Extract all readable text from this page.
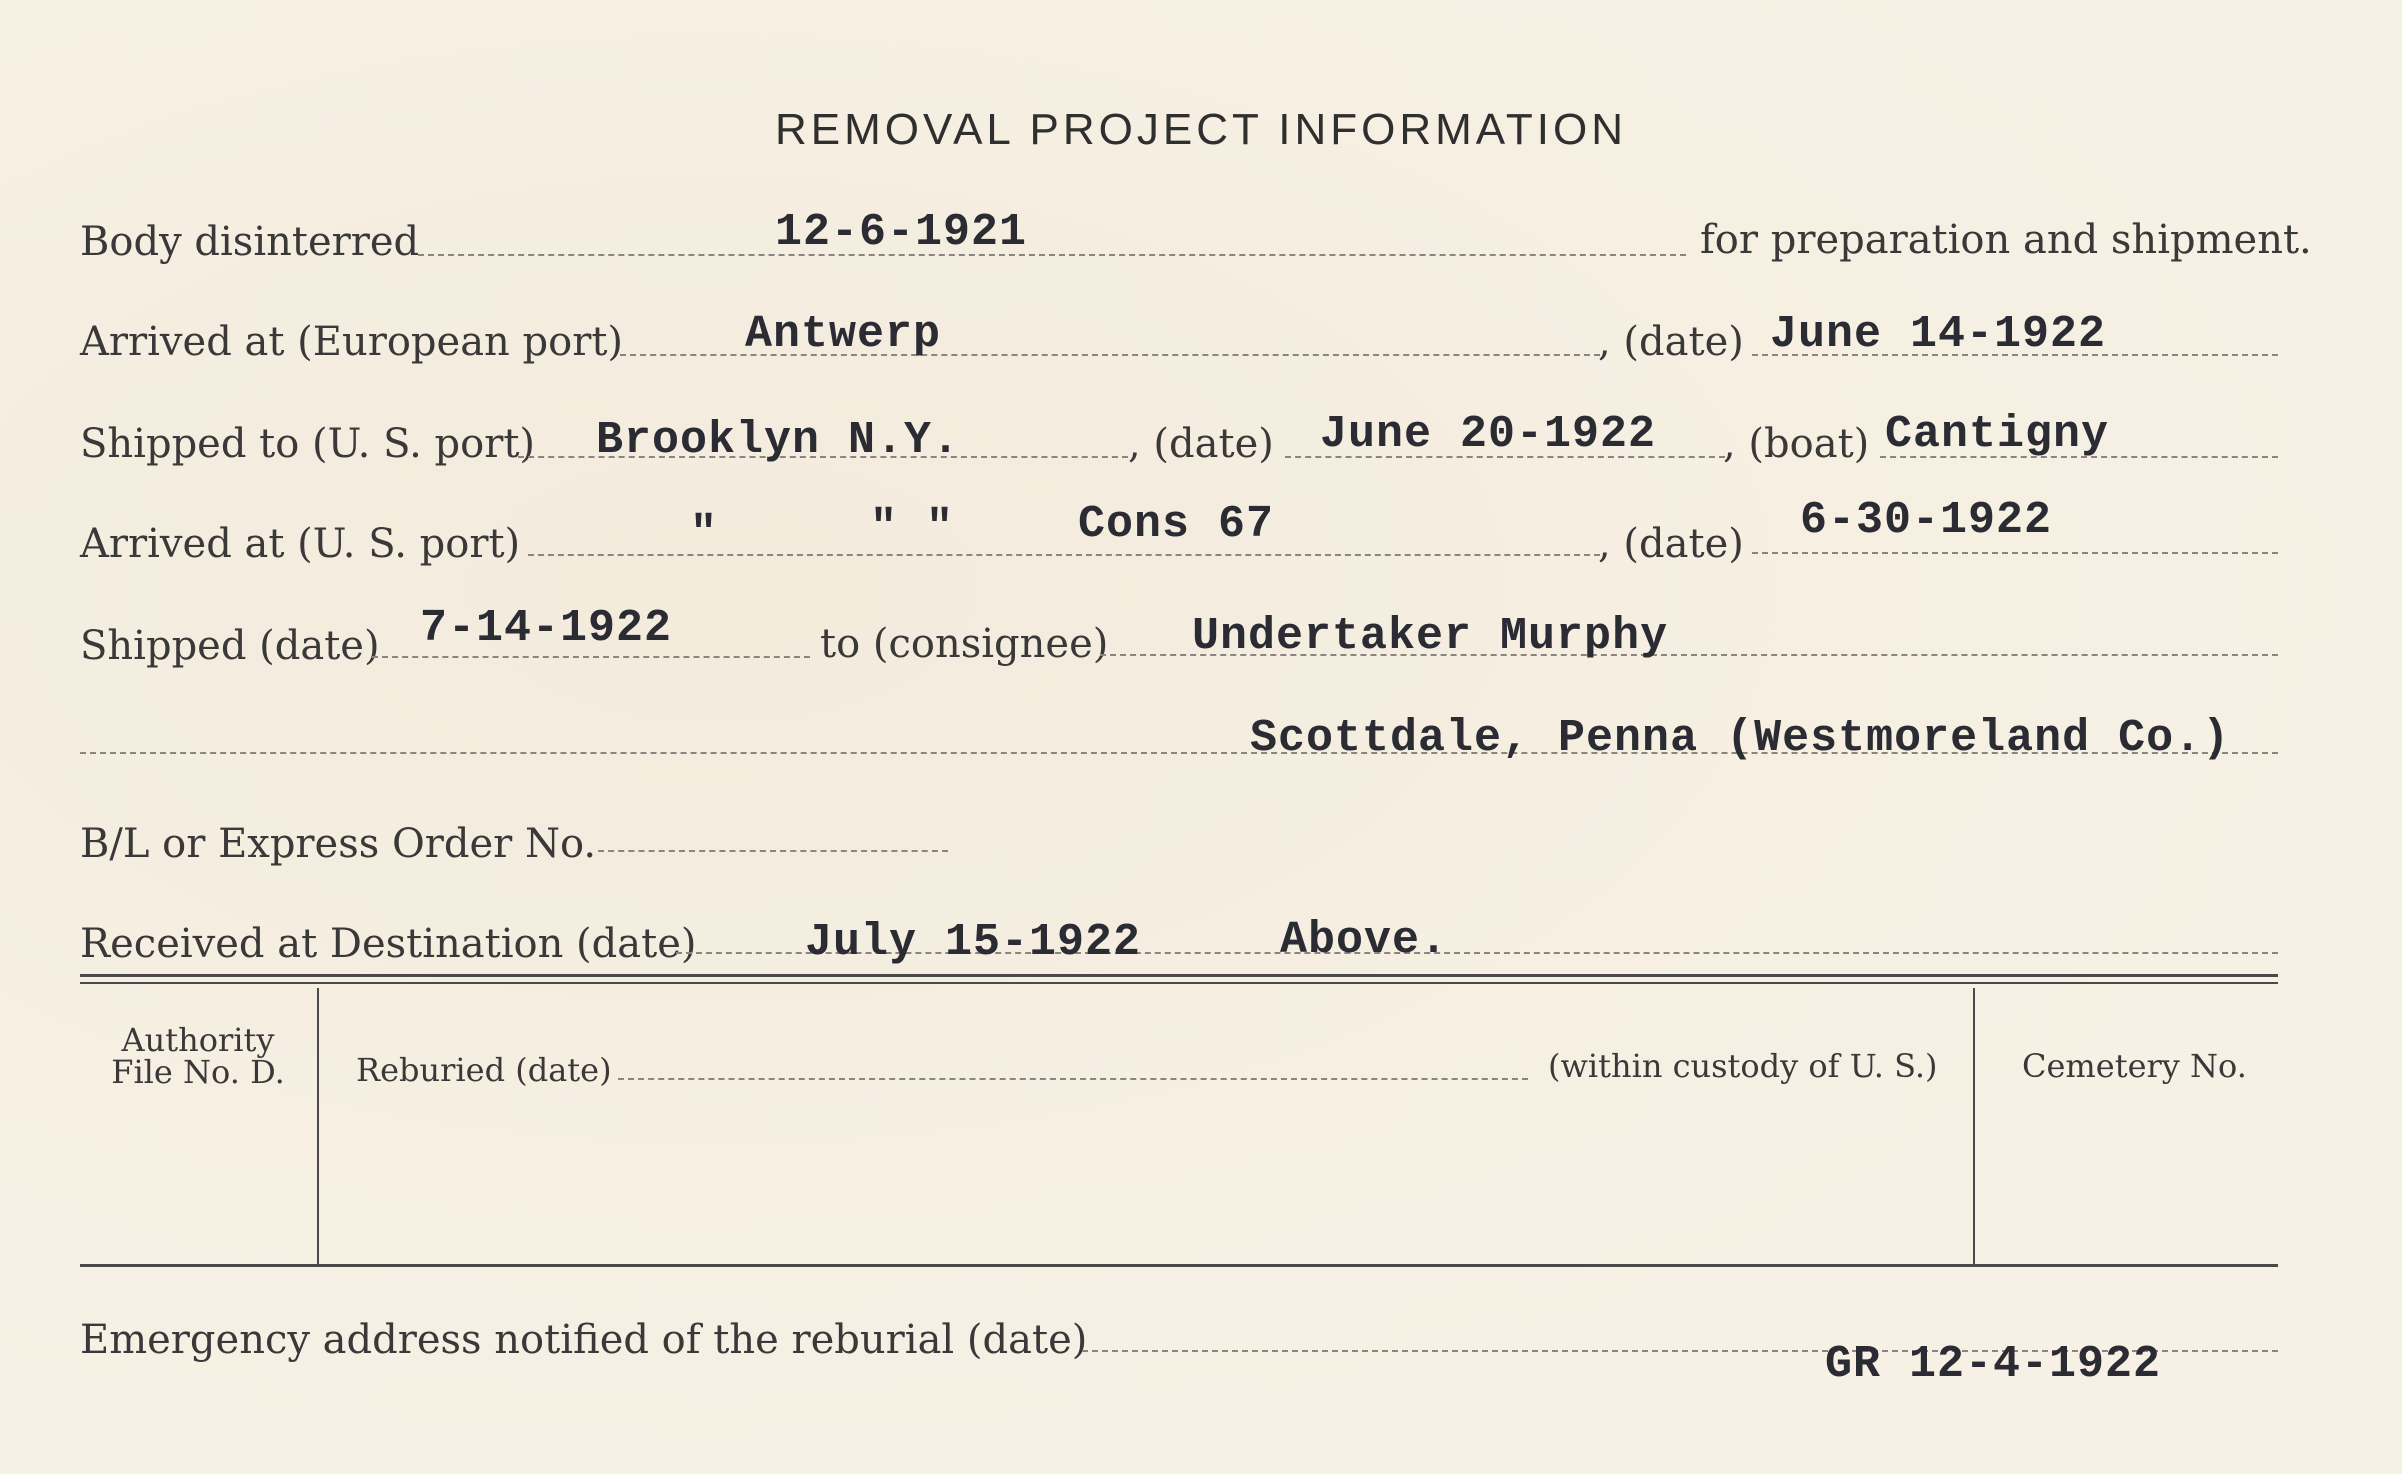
REMOVAL PROJECT INFORMATION
Body disinterred	12-6-1921	for preparation and shipment.
Arrived at (European port)	Antwerp	, (date) June 14-1922
Shipped to (U. S. port) Brooklyn N.Y.	, (date) June 20-1922 , (boat) Cantigny
Arrived at (U. S. port)	"	" "	Cons 67	, (date) 6-30-1922
Shipped (date) 7-14-1922	to (consignee) Undertaker Murphy
Scottdale, Penna (Westmoreland Co.)
B/L or Express Order No.
Received at Destination (date) July 15-1922	Above.
Authority
File No. D.	Reburied (date)	(within custody of U. S.)	Cemetery No.
Emergency address notified of the reburial (date)	GR 12-4-1922
